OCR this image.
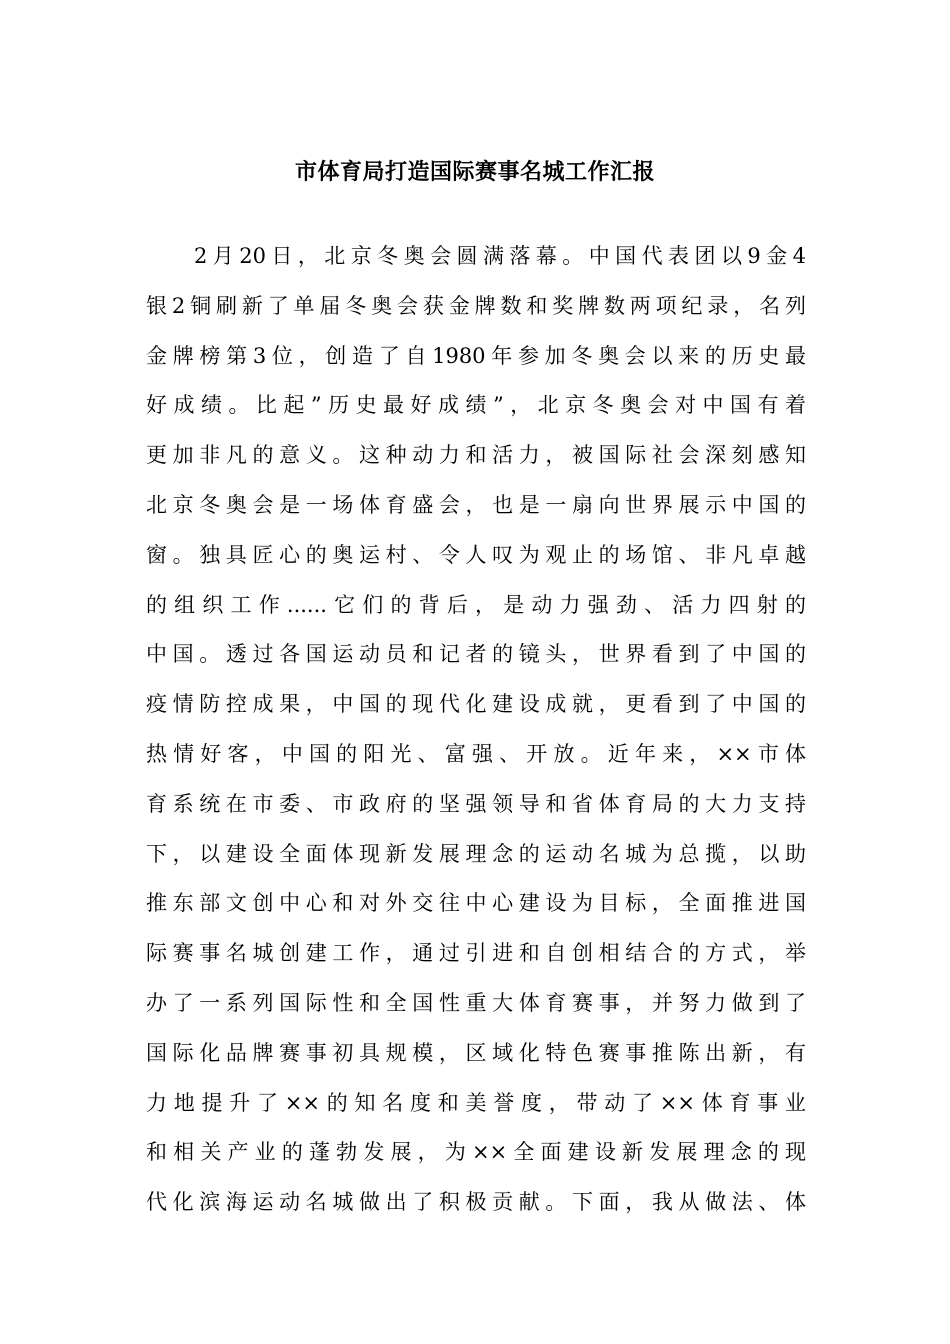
市体育局打造国际赛事名城工作汇报
2月20日，北京冬奥会圆满落幕。中国代表团以9金4
银2铜刷新了单届冬奥会获金牌数和奖牌数两项纪录，名列
金牌榜第3位，创造了自1980年参加冬奥会以来的历史最
好成绩。比起”历史最好成绩”，北京冬奥会对中国有着
更加非凡的意义。这种动力和活力，被国际社会深刻感知
北京冬奥会是一场体育盛会，也是一扇向世界展示中国的
窗。独具匠心的奥运村、令人叹为观止的场馆、非凡卓越
的组织工作......它们的背后，是动力强劲、活力四射的
中国。透过各国运动员和记者的镜头，世界看到了中国的
疫情防控成果，中国的现代化建设成就，更看到了中国的
热情好客，中国的阳光、富强、开放。近年来，××市体
育系统在市委、市政府的坚强领导和省体育局的大力支持
下，以建设全面体现新发展理念的运动名城为总揽，以助
推东部文创中心和对外交往中心建设为目标，全面推进国
际赛事名城创建工作，通过引进和自创相结合的方式，举
办了一系列国际性和全国性重大体育赛事，并努力做到了
国际化品牌赛事初具规模，区域化特色赛事推陈出新，有
力地提升了××的知名度和美誉度，带动了××体育事业
和相关产业的蓬勃发展，为××全面建设新发展理念的现
代化滨海运动名城做出了积极贡献。下面，我从做法、体
